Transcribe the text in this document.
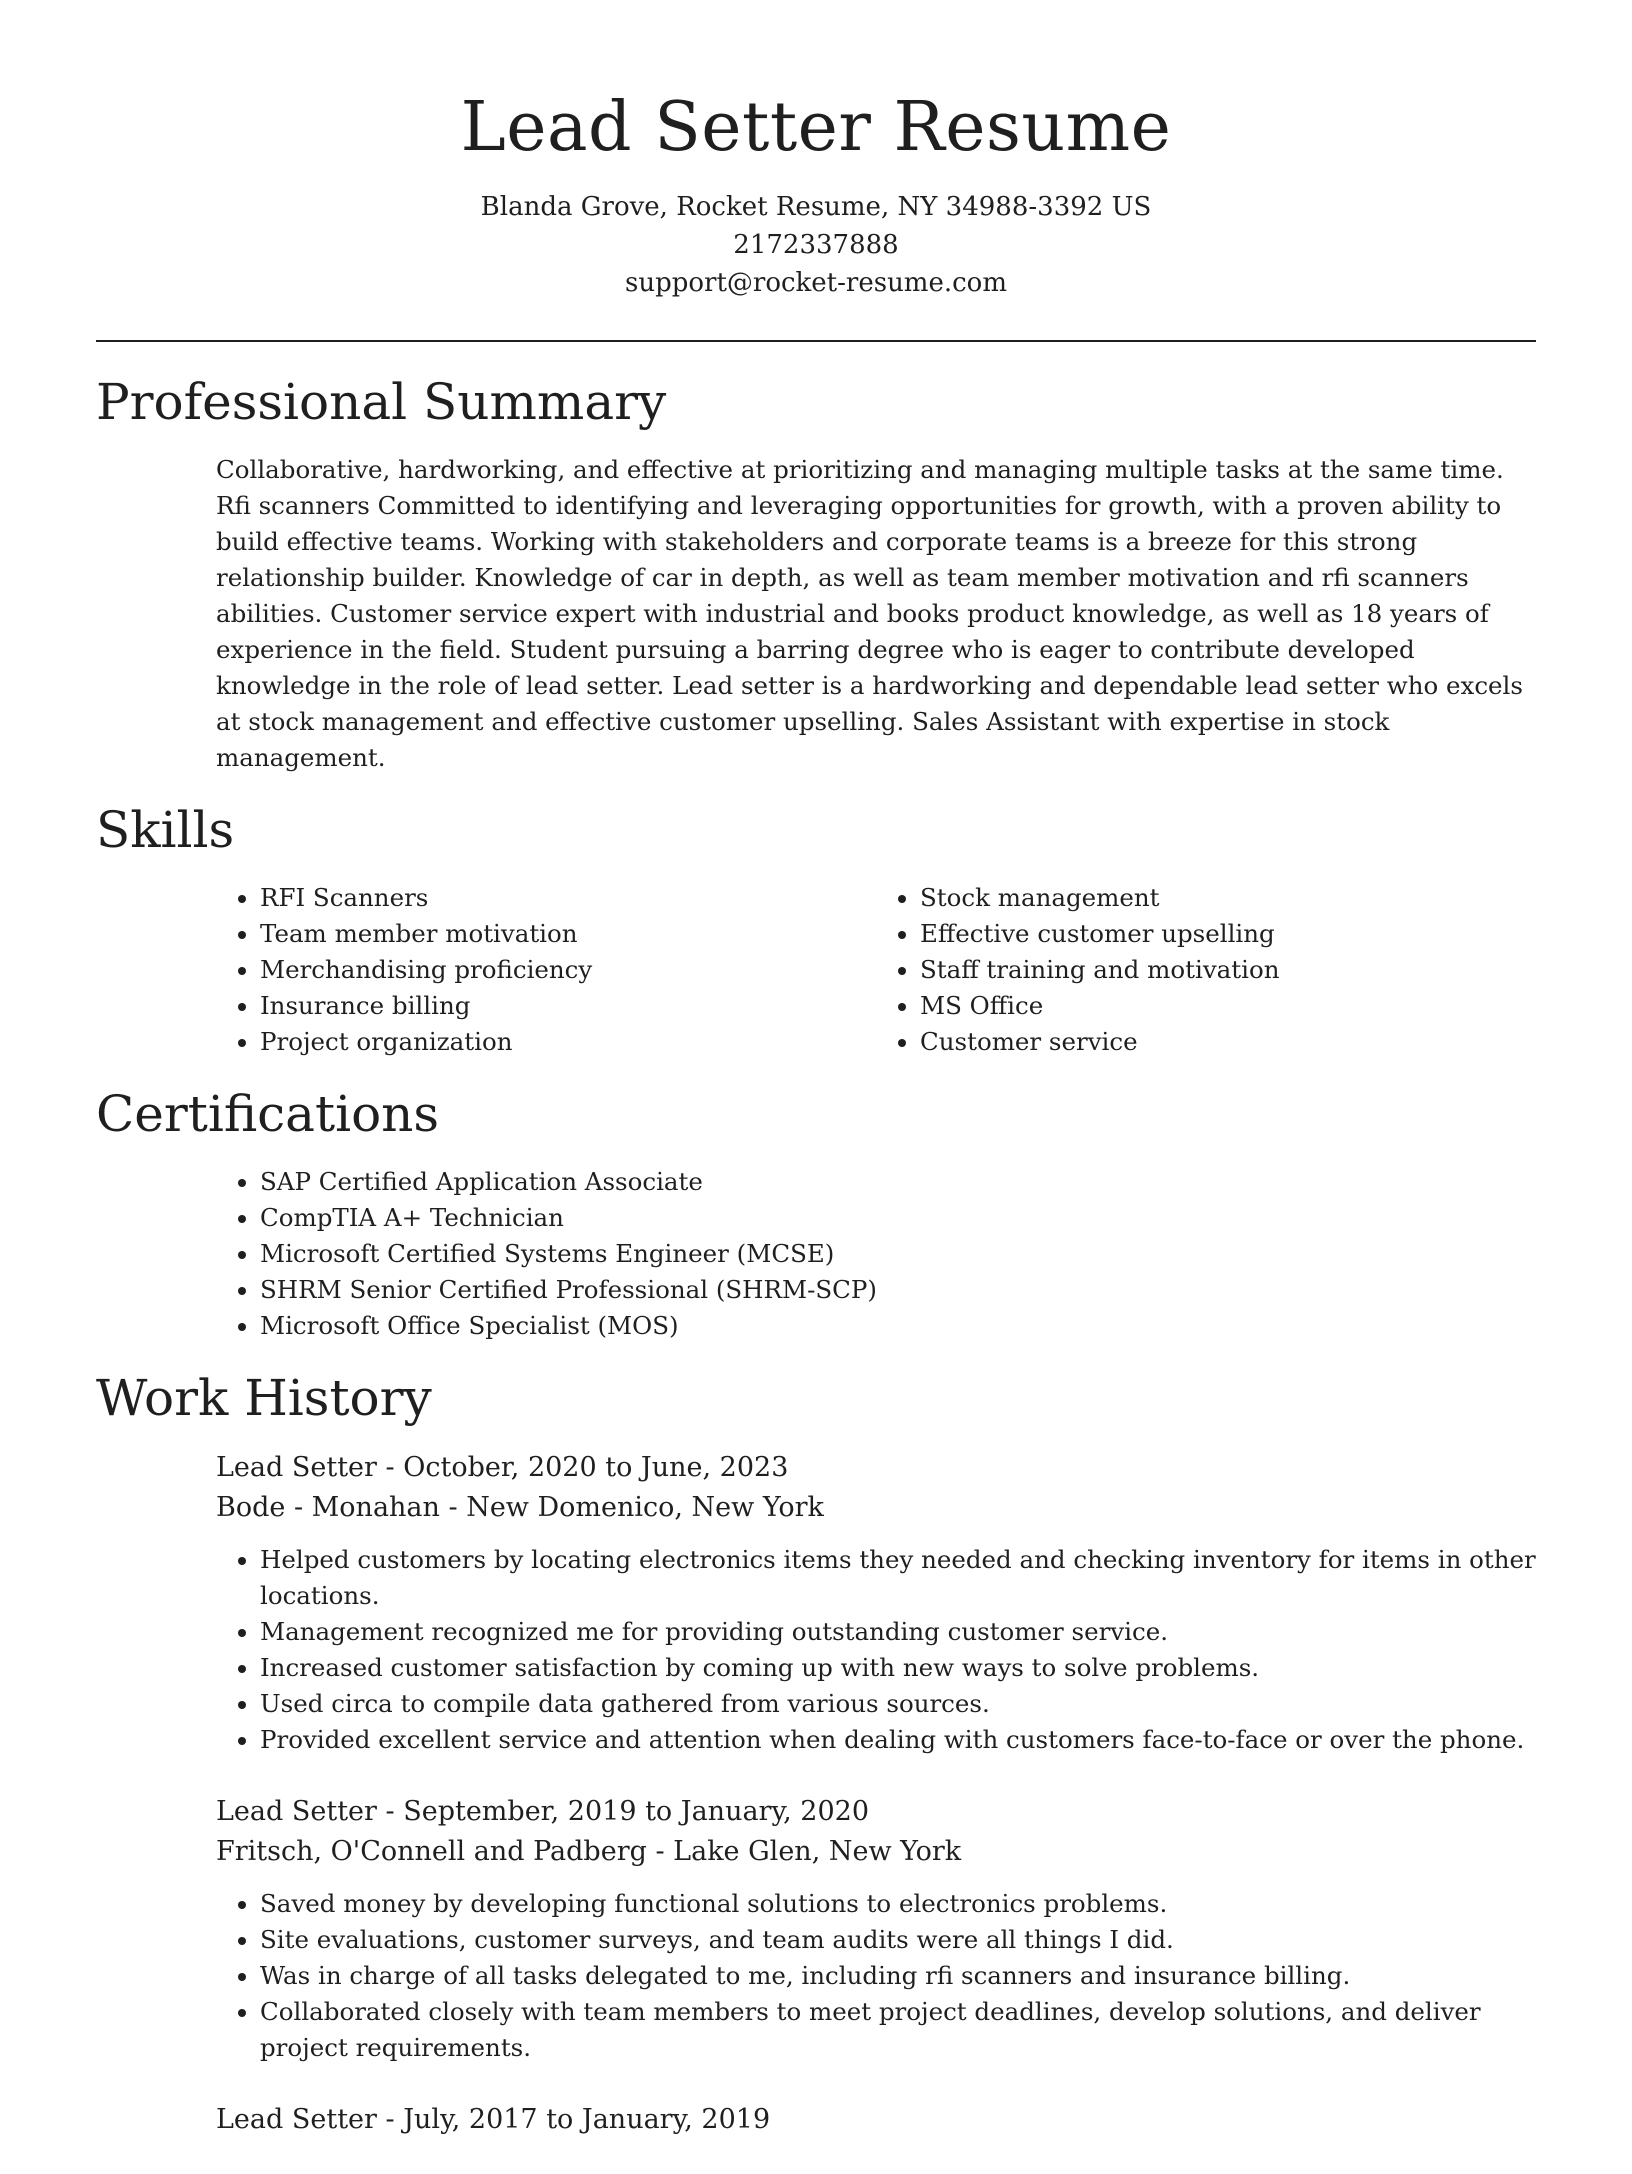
Lead Setter Resume
Blanda Grove, Rocket Resume, NY 34988-3392 US
2172337888
support@rocket-resume.com
Professional Summary

Collaborative, hardworking, and effective at prioritizing and managing multiple tasks at the same time. Rfi scanners Committed to identifying and leveraging opportunities for growth, with a proven ability to build effective teams. Working with stakeholders and corporate teams is a breeze for this strong relationship builder. Knowledge of car in depth, as well as team member motivation and rfi scanners abilities. Customer service expert with industrial and books product knowledge, as well as 18 years of experience in the field. Student pursuing a barring degree who is eager to contribute developed knowledge in the role of lead setter. Lead setter is a hardworking and dependable lead setter who excels at stock management and effective customer upselling. Sales Assistant with expertise in stock management.

Skills
• RFI Scanners
• Team member motivation
• Merchandising proficiency
• Insurance billing
• Project organization
• Stock management
• Effective customer upselling
• Staff training and motivation
• MS Office
• Customer service
Certifications
• SAP Certified Application Associate
• CompTIA A+ Technician
• Microsoft Certified Systems Engineer (MCSE)
• SHRM Senior Certified Professional (SHRM-SCP)
• Microsoft Office Specialist (MOS)
Work History
Lead Setter - October, 2020 to June, 2023
Bode - Monahan - New Domenico, New York
• Helped customers by locating electronics items they needed and checking inventory for items in other locations.
• Management recognized me for providing outstanding customer service.
• Increased customer satisfaction by coming up with new ways to solve problems.
• Used circa to compile data gathered from various sources.
• Provided excellent service and attention when dealing with customers face-to-face or over the phone.
Lead Setter - September, 2019 to January, 2020
Fritsch, O'Connell and Padberg - Lake Glen, New York
• Saved money by developing functional solutions to electronics problems.
• Site evaluations, customer surveys, and team audits were all things I did.
• Was in charge of all tasks delegated to me, including rfi scanners and insurance billing.
• Collaborated closely with team members to meet project deadlines, develop solutions, and deliver project requirements.
Lead Setter - July, 2017 to January, 2019
